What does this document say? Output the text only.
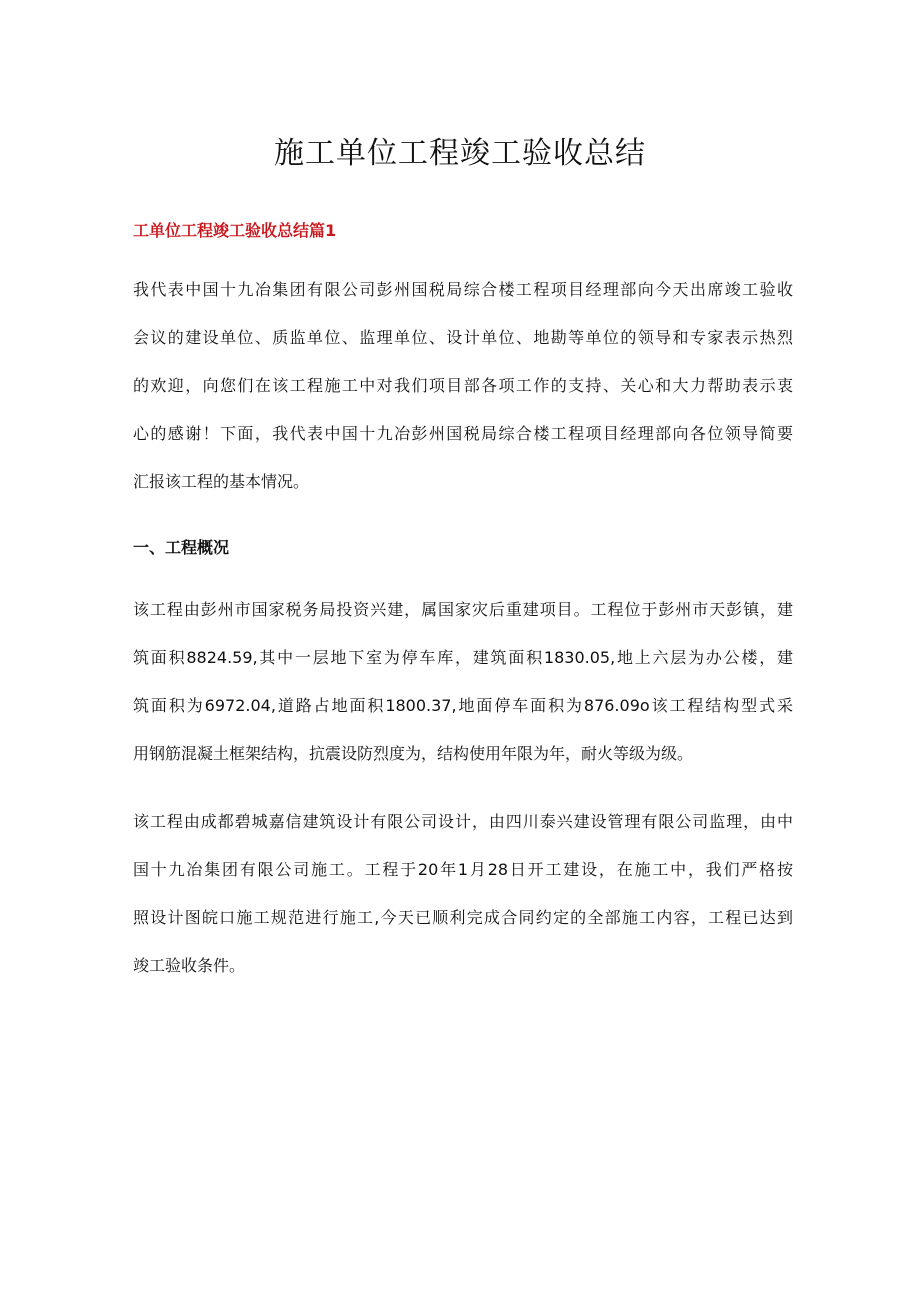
施工单位工程竣工验收总结
工单位工程竣工验收总结篇1
我代表中国十九冶集团有限公司彭州国税局综合楼工程项目经理部向今天出席竣工验收
会议的建设单位、质监单位、监理单位、设计单位、地勘等单位的领导和专家表示热烈
的欢迎，向您们在该工程施工中对我们项目部各项工作的支持、关心和大力帮助表示衷
心的感谢！下面，我代表中国十九冶彭州国税局综合楼工程项目经理部向各位领导简要
汇报该工程的基本情况。
一、工程概况
该工程由彭州市国家税务局投资兴建，属国家灾后重建项目。工程位于彭州市天彭镇，建
筑面积8824.59,其中一层地下室为停车库，建筑面积1830.05,地上六层为办公楼，建
筑面积为6972.04,道路占地面积1800.37,地面停车面积为876.09o该工程结构型式采
用钢筋混凝土框架结构，抗震设防烈度为，结构使用年限为年，耐火等级为级。
该工程由成都碧城嘉信建筑设计有限公司设计，由四川泰兴建设管理有限公司监理，由中
国十九冶集团有限公司施工。工程于20年1月28日开工建设，在施工中，我们严格按
照设计图皖口施工规范进行施工,今天已顺利完成合同约定的全部施工内容，工程已达到
竣工验收条件。
